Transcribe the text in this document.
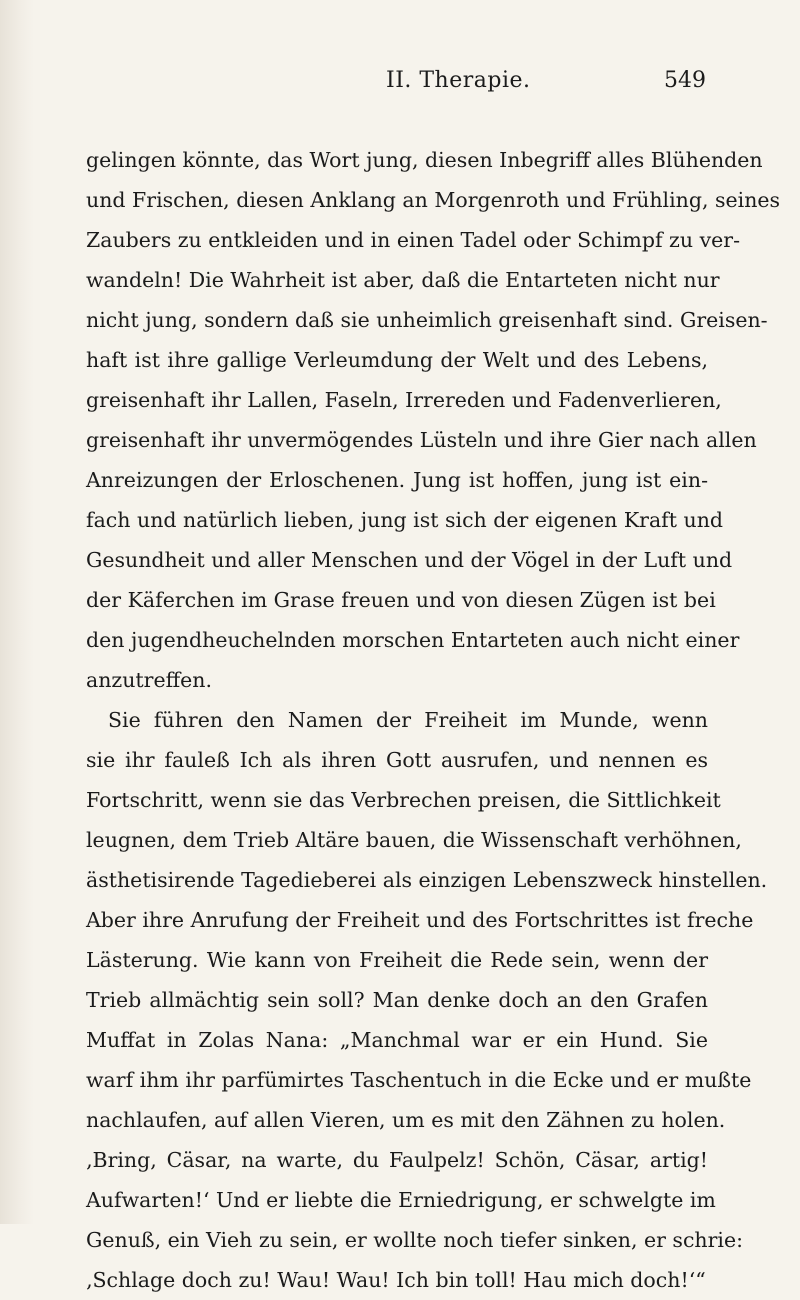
II. Therapie.	549
gelingen könnte, das Wort jung, diesen Inbegriff alles Blühenden
und Frischen, diesen Anklang an Morgenroth und Frühling, seines
Zaubers zu entkleiden und in einen Tadel oder Schimpf zu ver-
wandeln! Die Wahrheit ist aber, daß die Entarteten nicht nur
nicht jung, sondern daß sie unheimlich greisenhaft sind. Greisen-
haft ist ihre gallige Verleumdung der Welt und des Lebens,
greisenhaft ihr Lallen, Faseln, Irrereden und Fadenverlieren,
greisenhaft ihr unvermögendes Lüsteln und ihre Gier nach allen
Anreizungen der Erloschenen. Jung ist hoffen, jung ist ein-
fach und natürlich lieben, jung ist sich der eigenen Kraft und
Gesundheit und aller Menschen und der Vögel in der Luft und
der Käferchen im Grase freuen und von diesen Zügen ist bei
den jugendheuchelnden morschen Entarteten auch nicht einer
anzutreffen.
Sie führen den Namen der Freiheit im Munde, wenn
sie ihr fauleß Ich als ihren Gott ausrufen, und nennen es
Fortschritt, wenn sie das Verbrechen preisen, die Sittlichkeit
leugnen, dem Trieb Altäre bauen, die Wissenschaft verhöhnen,
ästhetisirende Tagedieberei als einzigen Lebenszweck hinstellen.
Aber ihre Anrufung der Freiheit und des Fortschrittes ist freche
Lästerung. Wie kann von Freiheit die Rede sein, wenn der
Trieb allmächtig sein soll? Man denke doch an den Grafen
Muffat in Zolas Nana: „Manchmal war er ein Hund. Sie
warf ihm ihr parfümirtes Taschentuch in die Ecke und er mußte
nachlaufen, auf allen Vieren, um es mit den Zähnen zu holen.
‚Bring, Cäsar, na warte, du Faulpelz! Schön, Cäsar, artig!
Aufwarten!‘ Und er liebte die Erniedrigung, er schwelgte im
Genuß, ein Vieh zu sein, er wollte noch tiefer sinken, er schrie:
‚Schlage doch zu! Wau! Wau! Ich bin toll! Hau mich doch!‘“
